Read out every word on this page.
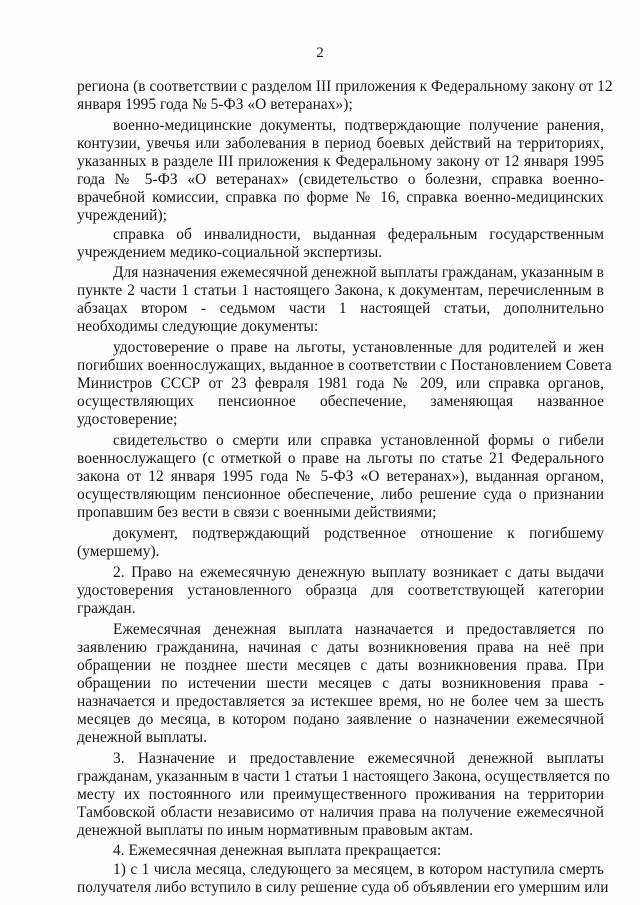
2
региона (в соответствии с разделом III приложения к Федеральному закону от 12
января 1995 года № 5-ФЗ «О ветеранах»);
военно-медицинские документы, подтверждающие получение ранения,
контузии, увечья или заболевания в период боевых действий на территориях,
указанных в разделе III приложения к Федеральному закону от 12 января 1995
года № 5-ФЗ «О ветеранах» (свидетельство о болезни, справка военно-
врачебной комиссии, справка по форме № 16, справка военно-медицинских
учреждений);
справка об инвалидности, выданная федеральным государственным
учреждением медико-социальной экспертизы.
Для назначения ежемесячной денежной выплаты гражданам, указанным в
пункте 2 части 1 статьи 1 настоящего Закона, к документам, перечисленным в
абзацах втором - седьмом части 1 настоящей статьи, дополнительно
необходимы следующие документы:
удостоверение о праве на льготы, установленные для родителей и жен
погибших военнослужащих, выданное в соответствии с Постановлением Совета
Министров СССР от 23 февраля 1981 года № 209, или справка органов,
осуществляющих пенсионное обеспечение, заменяющая названное
удостоверение;
свидетельство о смерти или справка установленной формы о гибели
военнослужащего (с отметкой о праве на льготы по статье 21 Федерального
закона от 12 января 1995 года № 5-ФЗ «О ветеранах»), выданная органом,
осуществляющим пенсионное обеспечение, либо решение суда о признании
пропавшим без вести в связи с военными действиями;
документ, подтверждающий родственное отношение к погибшему
(умершему).
2. Право на ежемесячную денежную выплату возникает с даты выдачи
удостоверения установленного образца для соответствующей категории
граждан.
Ежемесячная денежная выплата назначается и предоставляется по
заявлению гражданина, начиная с даты возникновения права на неё при
обращении не позднее шести месяцев с даты возникновения права. При
обращении по истечении шести месяцев с даты возникновения права -
назначается и предоставляется за истекшее время, но не более чем за шесть
месяцев до месяца, в котором подано заявление о назначении ежемесячной
денежной выплаты.
3. Назначение и предоставление ежемесячной денежной выплаты
гражданам, указанным в части 1 статьи 1 настоящего Закона, осуществляется по
месту их постоянного или преимущественного проживания на территории
Тамбовской области независимо от наличия права на получение ежемесячной
денежной выплаты по иным нормативным правовым актам.
4. Ежемесячная денежная выплата прекращается:
1) с 1 числа месяца, следующего за месяцем, в котором наступила смерть
получателя либо вступило в силу решение суда об объявлении его умершим или
